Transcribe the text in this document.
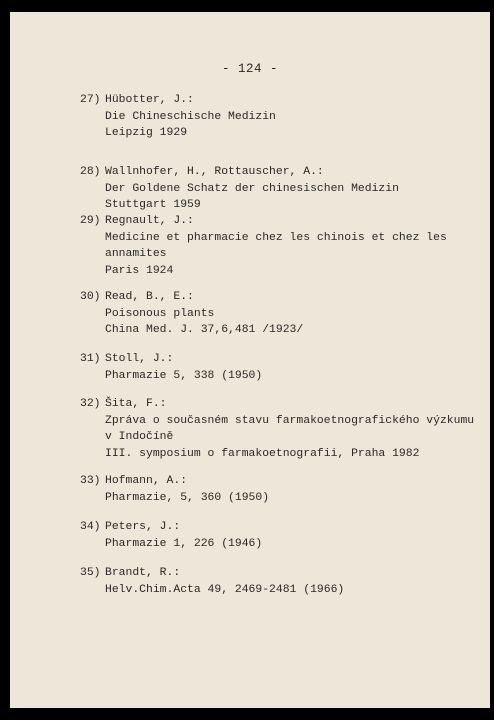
- 124 -
27) Hübotter, J.:
Die Chineschische Medizin
Leipzig 1929
28) Wallnhofer, H., Rottauscher, A.:
Der Goldene Schatz der chinesischen Medizin
Stuttgart 1959
29) Regnault, J.:
Medicine et pharmacie chez les chinois et chez les
annamites
Paris 1924
30) Read, B., E.:
Poisonous plants
China Med. J. 37,6,481 /1923/
31) Stoll, J.:
Pharmazie 5, 338 (1950)
32) Šita, F.:
Zpráva o současném stavu farmakoetnografického výzkumu
v Indočíně
III. symposium o farmakoetnografii, Praha 1982
33) Hofmann, A.:
Pharmazie, 5, 360 (1950)
34) Peters, J.:
Pharmazie 1, 226 (1946)
35) Brandt, R.:
Helv.Chim.Acta 49, 2469-2481 (1966)
